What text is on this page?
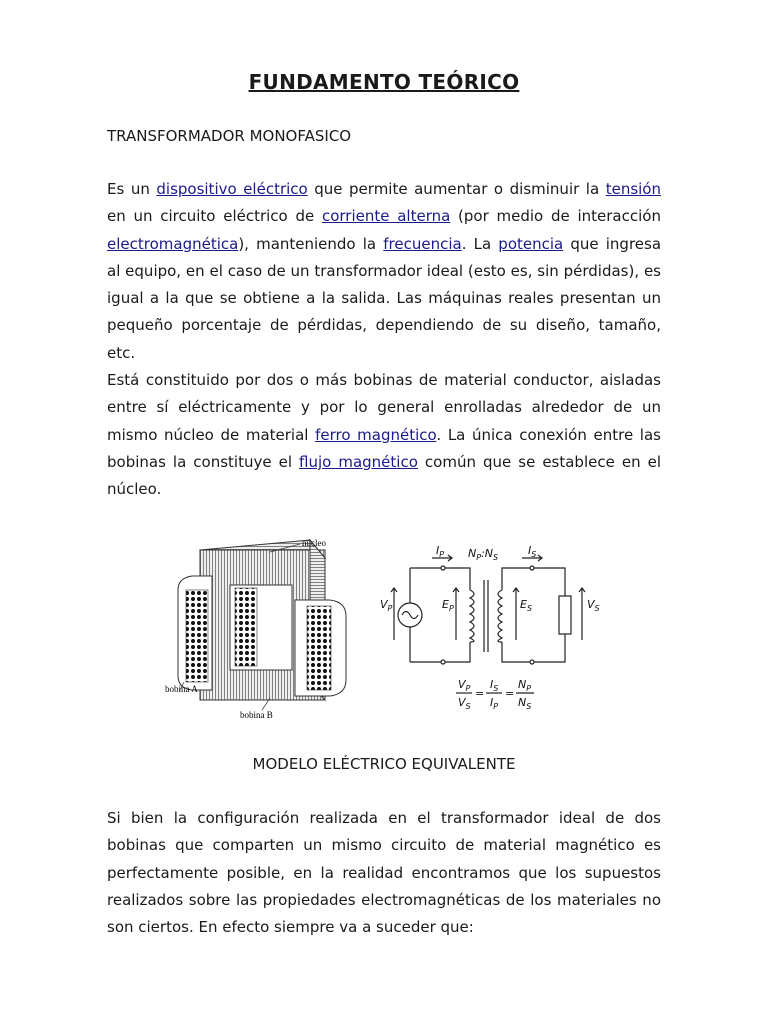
FUNDAMENTO TEÓRICO
TRANSFORMADOR MONOFASICO

Es un dispositivo eléctrico que permite aumentar o disminuir la tensión en un circuito eléctrico de corriente alterna (por medio de interacción electromagnética), manteniendo la frecuencia. La potencia que ingresa al equipo, en el caso de un transformador ideal (esto es, sin pérdidas), es igual a la que se obtiene a la salida. Las máquinas reales presentan un pequeño porcentaje de pérdidas, dependiendo de su diseño, tamaño, etc.

Está constituido por dos o más bobinas de material conductor, aisladas entre sí eléctricamente y por lo general enrolladas alrededor de un mismo núcleo de material ferro magnético. La única conexión entre las bobinas la constituye el flujo magnético común que se establece en el núcleo.

núcleo
bobina A
bobina B
$I_P$ $N_P:N_S$
$I_S$
$V_P$	$E_P$	$E_S$	$V_S$
$V_P$
$V_S$
=
$I_S$
$I_P$
=
$N_P$
$N_S$
MODELO ELÉCTRICO EQUIVALENTE

Si bien la configuración realizada en el transformador ideal de dos bobinas que comparten un mismo circuito de material magnético es perfectamente posible, en la realidad encontramos que los supuestos realizados sobre las propiedades electromagnéticas de los materiales no son ciertos. En efecto siempre va a suceder que:
